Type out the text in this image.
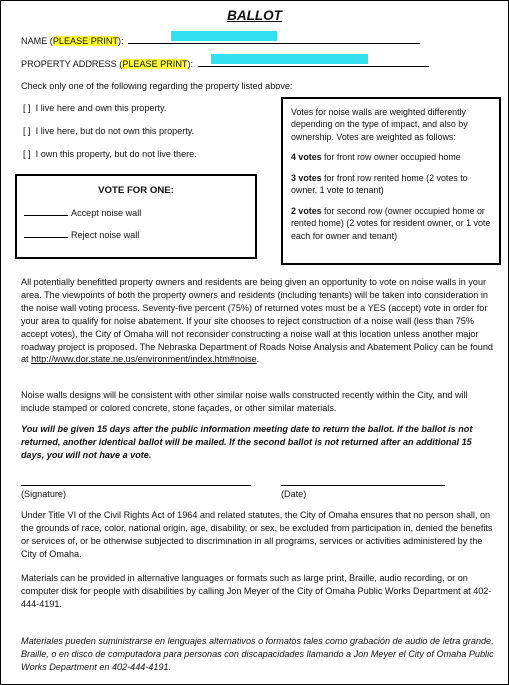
BALLOT
NAME (PLEASE PRINT):
PROPERTY ADDRESS (PLEASE PRINT):
Check only one of the following regarding the property listed above:
[ ] I live here and own this property.
[ ] I live here, but do not own this property.
[ ] I own this property, but do not live there.
VOTE FOR ONE:
Accept noise wall
Reject noise wall

Votes for noise walls are weighted differently depending on the type of impact, and also by ownership. Votes are weighted as follows:

4 votes for front row owner occupied home

3 votes for front row rented home (2 votes to owner, 1 vote to tenant)

2 votes for second row (owner occupied home or rented home) (2 votes for resident owner, or 1 vote each for owner and tenant)

All potentially benefitted property owners and residents are being given an opportunity to vote on noise walls in your area. The viewpoints of both the property owners and residents (including tenants) will be taken into consideration in the noise wall voting process. Seventy-five percent (75%) of returned votes must be a YES (accept) vote in order for your area to qualify for noise abatement. If your site chooses to reject construction of a noise wall (less than 75% accept votes), the City of Omaha will not reconsider constructing a noise wall at this location unless another major roadway project is proposed. The Nebraska Department of Roads Noise Analysis and Abatement Policy can be found at http://www.dor.state.ne.us/environment/index.htm#noise.

Noise walls designs will be consistent with other similar noise walls constructed recently within the City, and will include stamped or colored concrete, stone façades, or other similar materials.

You will be given 15 days after the public information meeting date to return the ballot. If the ballot is not returned, another identical ballot will be mailed. If the second ballot is not returned after an additional 15 days, you will not have a vote.

(Signature)	(Date)

Under Title VI of the Civil Rights Act of 1964 and related statutes, the City of Omaha ensures that no person shall, on the grounds of race, color, national origin, age, disability, or sex, be excluded from participation in, denied the benefits or services of, or be otherwise subjected to discrimination in all programs, services or activities administered by the City of Omaha.

Materials can be provided in alternative languages or formats such as large print, Braille, audio recording, or on computer disk for people with disabilities by calling Jon Meyer of the City of Omaha Public Works Department at 402-444-4191.

Materiales pueden suministrarse en lenguajes alternativos o formatos tales como grabación de audio de letra grande, Braille, o en disco de computadora para personas con discapacidades llamando a Jon Meyer el City of Omaha Public Works Department en 402-444-4191.
